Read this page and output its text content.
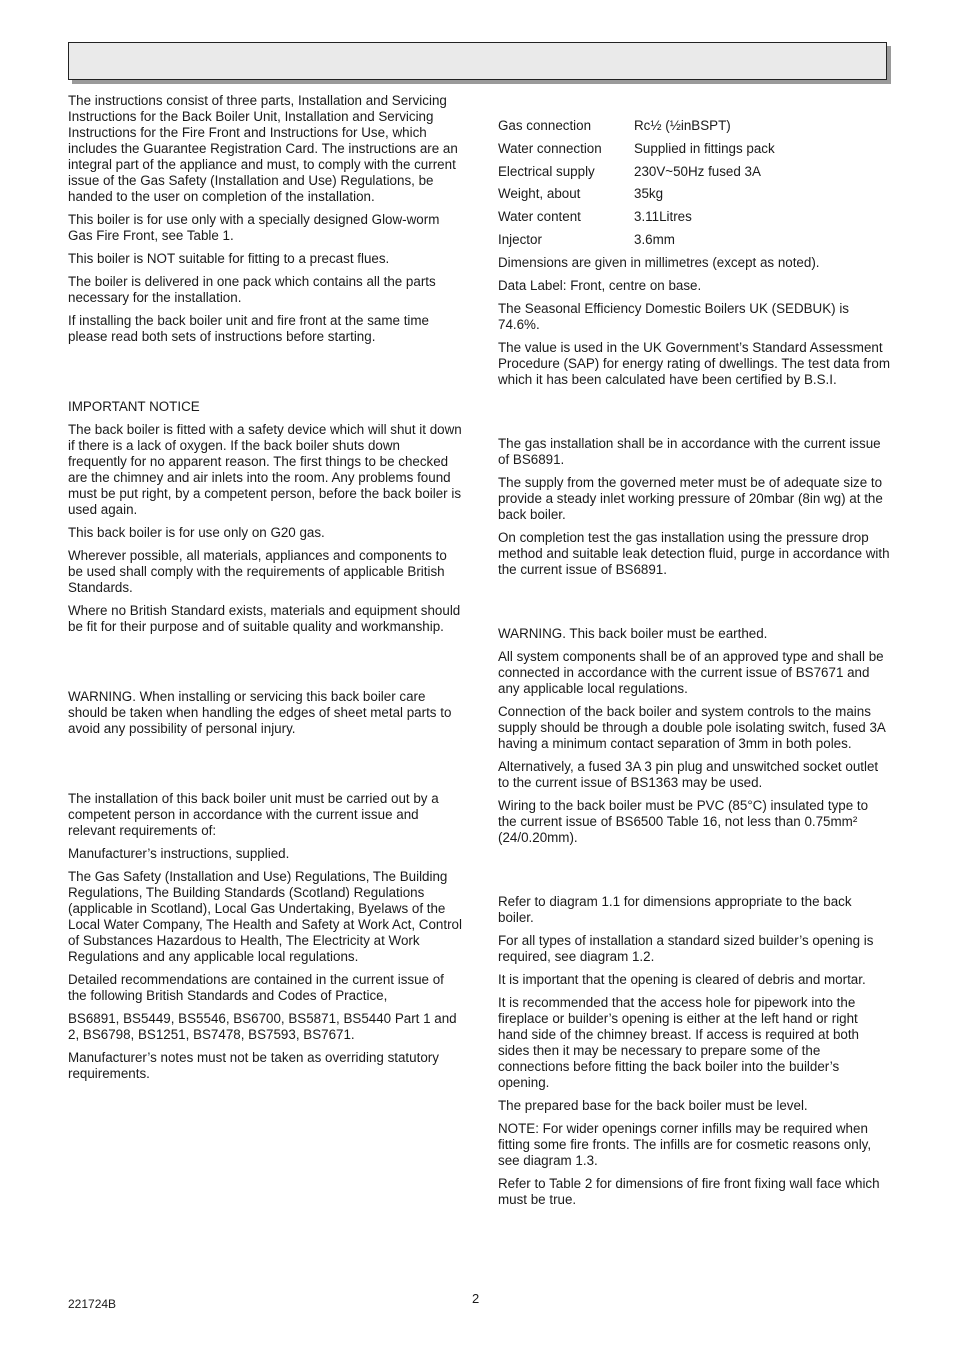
The instructions consist of three parts, Installation and Servicing Instructions for the Back Boiler Unit, Installation and Servicing Instructions for the Fire Front and Instructions for Use, which includes the Guarantee Registration Card. The instructions are an integral part of the appliance and must, to comply with the current issue of the Gas Safety (Installation and Use) Regulations, be handed to the user on completion of the installation.

This boiler is for use only with a specially designed Glow-worm Gas Fire Front, see Table 1.

This boiler is NOT suitable for fitting to a precast flues.

The boiler is delivered in one pack which contains all the parts necessary for the installation.

If installing the back boiler unit and fire front at the same time please read both sets of instructions before starting.

IMPORTANT NOTICE

The back boiler is fitted with a safety device which will shut it down if there is a lack of oxygen. If the back boiler shuts down frequently for no apparent reason. The first things to be checked are the chimney and air inlets into the room. Any problems found must be put right, by a competent person, before the back boiler is used again.

This back boiler is for use only on G20 gas.

Wherever possible, all materials, appliances and components to be used shall comply with the requirements of applicable British Standards.

Where no British Standard exists, materials and equipment should be fit for their purpose and of suitable quality and workmanship.

WARNING. When installing or servicing this back boiler care should be taken when handling the edges of sheet metal parts to avoid any possibility of personal injury.

The installation of this back boiler unit must be carried out by a competent person in accordance with the current issue and relevant requirements of:

Manufacturer’s instructions, supplied.

The Gas Safety (Installation and Use) Regulations, The Building Regulations, The Building Standards (Scotland) Regulations (applicable in Scotland), Local Gas Undertaking, Byelaws of the Local Water Company, The Health and Safety at Work Act, Control of Substances Hazardous to Health, The Electricity at Work Regulations and any applicable local regulations.

Detailed recommendations are contained in the current issue of the following British Standards and Codes of Practice,

BS6891, BS5449, BS5546, BS6700, BS5871, BS5440 Part 1 and 2, BS6798, BS1251, BS7478, BS7593, BS7671.

Manufacturer’s notes must not be taken as overriding statutory requirements.

Gas connection	Rc½ (½inBSPT)
Water connection	Supplied in fittings pack
Electrical supply	230V~50Hz fused 3A
Weight, about	35kg
Water content	3.11Litres
Injector	3.6mm

Dimensions are given in millimetres (except as noted).

Data Label: Front, centre on base.

The Seasonal Efficiency Domestic Boilers UK (SEDBUK) is 74.6%.

The value is used in the UK Government’s Standard Assessment Procedure (SAP) for energy rating of dwellings. The test data from which it has been calculated have been certified by B.S.I.

The gas installation shall be in accordance with the current issue of BS6891.

The supply from the governed meter must be of adequate size to provide a steady inlet working pressure of 20mbar (8in wg) at the back boiler.

On completion test the gas installation using the pressure drop method and suitable leak detection fluid, purge in accordance with the current issue of BS6891.

WARNING. This back boiler must be earthed.

All system components shall be of an approved type and shall be connected in accordance with the current issue of BS7671 and any applicable local regulations.

Connection of the back boiler and system controls to the mains supply should be through a double pole isolating switch, fused 3A having a minimum contact separation of 3mm in both poles.

Alternatively, a fused 3A 3 pin plug and unswitched socket outlet to the current issue of BS1363 may be used.

Wiring to the back boiler must be PVC (85°C) insulated type to the current issue of BS6500 Table 16, not less than 0.75mm² (24/0.20mm).

Refer to diagram 1.1 for dimensions appropriate to the back boiler.

For all types of installation a standard sized builder’s opening is required, see diagram 1.2.

It is important that the opening is cleared of debris and mortar.

It is recommended that the access hole for pipework into the fireplace or builder’s opening is either at the left hand or right hand side of the chimney breast. If access is required at both sides then it may be necessary to prepare some of the connections before fitting the back boiler into the builder’s opening.

The prepared base for the back boiler must be level.

NOTE: For wider openings corner infills may be required when fitting some fire fronts. The infills are for cosmetic reasons only, see diagram 1.3.

Refer to Table 2 for dimensions of fire front fixing wall face which must be true.

221724B	2
